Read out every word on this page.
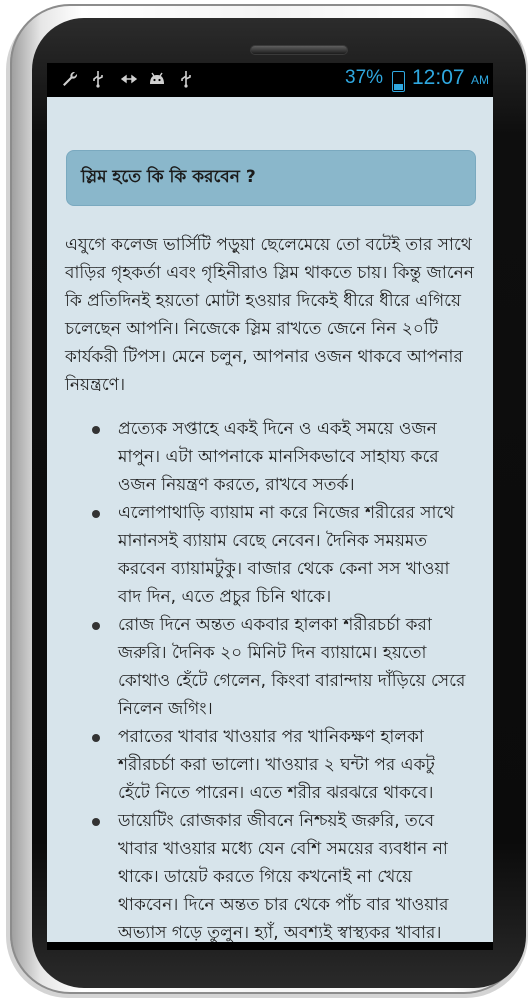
37% 12:07 AM
স্লিম হতে কি কি করবেন ?
এযুগে কলেজ ভার্সিটি পড়ুয়া ছেলেমেয়ে তো বটেই তার সাথে বাড়ির গৃহকর্তা এবং গৃহিনীরাও স্লিম থাকতে চায়। কিন্তু জানেন কি প্রতিদিনই হয়তো মোটা হওয়ার দিকেই ধীরে ধীরে এগিয়ে চলেছেন আপনি। নিজেকে স্লিম রাখতে জেনে নিন ২০টি কার্যকরী টিপস। মেনে চলুন, আপনার ওজন থাকবে আপনার নিয়ন্ত্রণে।
প্রত্যেক সপ্তাহে একই দিনে ও একই সময়ে ওজন মাপুন। এটা আপনাকে মানসিকভাবে সাহায্য করে ওজন নিয়ন্ত্রণ করতে, রাখবে সতর্ক।
এলোপাথাড়ি ব্যায়াম না করে নিজের শরীরের সাথে মানানসই ব্যায়াম বেছে নেবেন। দৈনিক সময়মত করবেন ব্যায়ামটুকু। বাজার থেকে কেনা সস খাওয়া বাদ দিন, এতে প্রচুর চিনি থাকে।
রোজ দিনে অন্তত একবার হালকা শরীরচর্চা করা জরুরি। দৈনিক ২০ মিনিট দিন ব্যায়ামে। হয়তো কোথাও হেঁটে গেলেন, কিংবা বারান্দায় দাঁড়িয়ে সেরে নিলেন জগিং।
পরাতের খাবার খাওয়ার পর খানিকক্ষণ হালকা শরীরচর্চা করা ভালো। খাওয়ার ২ ঘন্টা পর একটু হেঁটে নিতে পারেন। এতে শরীর ঝরঝরে থাকবে।
ডায়েটিং রোজকার জীবনে নিশ্চয়ই জরুরি, তবে খাবার খাওয়ার মধ্যে যেন বেশি সময়ের ব্যবধান না থাকে। ডায়েট করতে গিয়ে কখনোই না খেয়ে থাকবেন। দিনে অন্তত চার থেকে পাঁচ বার খাওয়ার অভ্যাস গড়ে তুলুন। হ্যাঁ, অবশ্যই স্বাস্থ্যকর খাবার।
